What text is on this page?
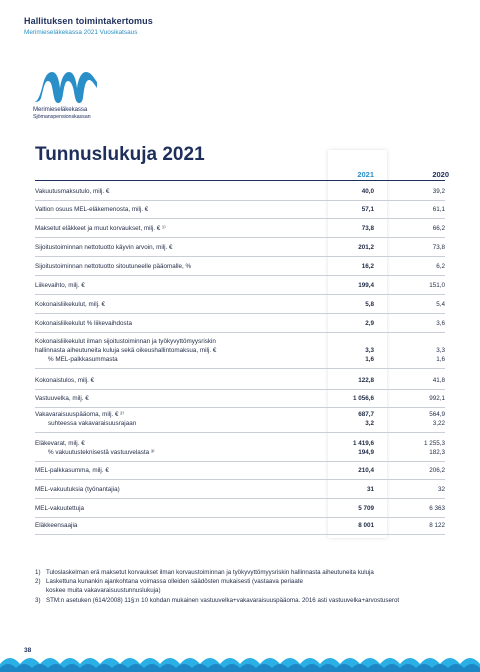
Hallituksen toimintakertomus
Merimieseläkekassa 2021 Vuosikatsaus
Merimieseläkekassa
Sjömanspensionskassan
Tunnuslukuja 2021
2021	2020
Vakuutusmaksutulo, milj. €	40,0	39,2
Valtion osuus MEL-eläkemenosta, milj. €	57,1	61,1
Maksetut eläkkeet ja muut korvaukset, milj. € ¹⁾	73,8	66,2
Sijoitustoiminnan nettotuotto käyvin arvoin, milj. €	201,2	73,8
Sijoitustoiminnan nettotuotto sitoutuneelle pääomalle, %	16,2	6,2
Liikevaihto, milj. €	199,4	151,0
Kokonaisliikekulut, milj. €	5,8	5,4
Kokonaisliikekulut % liikevaihdosta	2,9	3,6
Kokonaisliikekulut ilman sijoitustoiminnan ja työkyvyttömyysriskin
hallinnasta aiheutuneita kuluja sekä oikeushallintomaksua, milj. €	3,3	3,3
% MEL-palkkasummasta	1,6	1,6
Kokonaistulos, milj. €	122,8	41,8
Vastuuvelka, milj. €	1 056,6	992,1
Vakavaraisuuspääoma, milj. € ²⁾	687,7	564,9
suhteessa vakavaraisuusrajaan	3,2	3,22
Eläkevarat, milj. €	1 419,6	1 255,3
% vakuutusteknisestä vastuuvelasta ³⁾	194,9	182,3
MEL-palkkasumma, milj. €	210,4	206,2
MEL-vakuutuksia (työnantajia)	31	32
MEL-vakuutettuja	5 709	6 363
Eläkkeensaajia	8 001	8 122
1) Tuloslaskelman erä maksetut korvaukset ilman korvaustoiminnan ja työkyvyttömyysriskin hallinnasta aiheutuneita kuluja
2) Laskettuna kunankin ajankohtana voimassa olleiden säädösten mukaisesti (vastaava periaate
koskee muita vakavaraisuustunnuslukuja)
3) STM:n asetuken (614/2008) 11§:n 10 kohdan mukainen vastuuvelka+vakavaraisuuspääoma. 2016 asti vastuuvelka+arvostuserot
38
